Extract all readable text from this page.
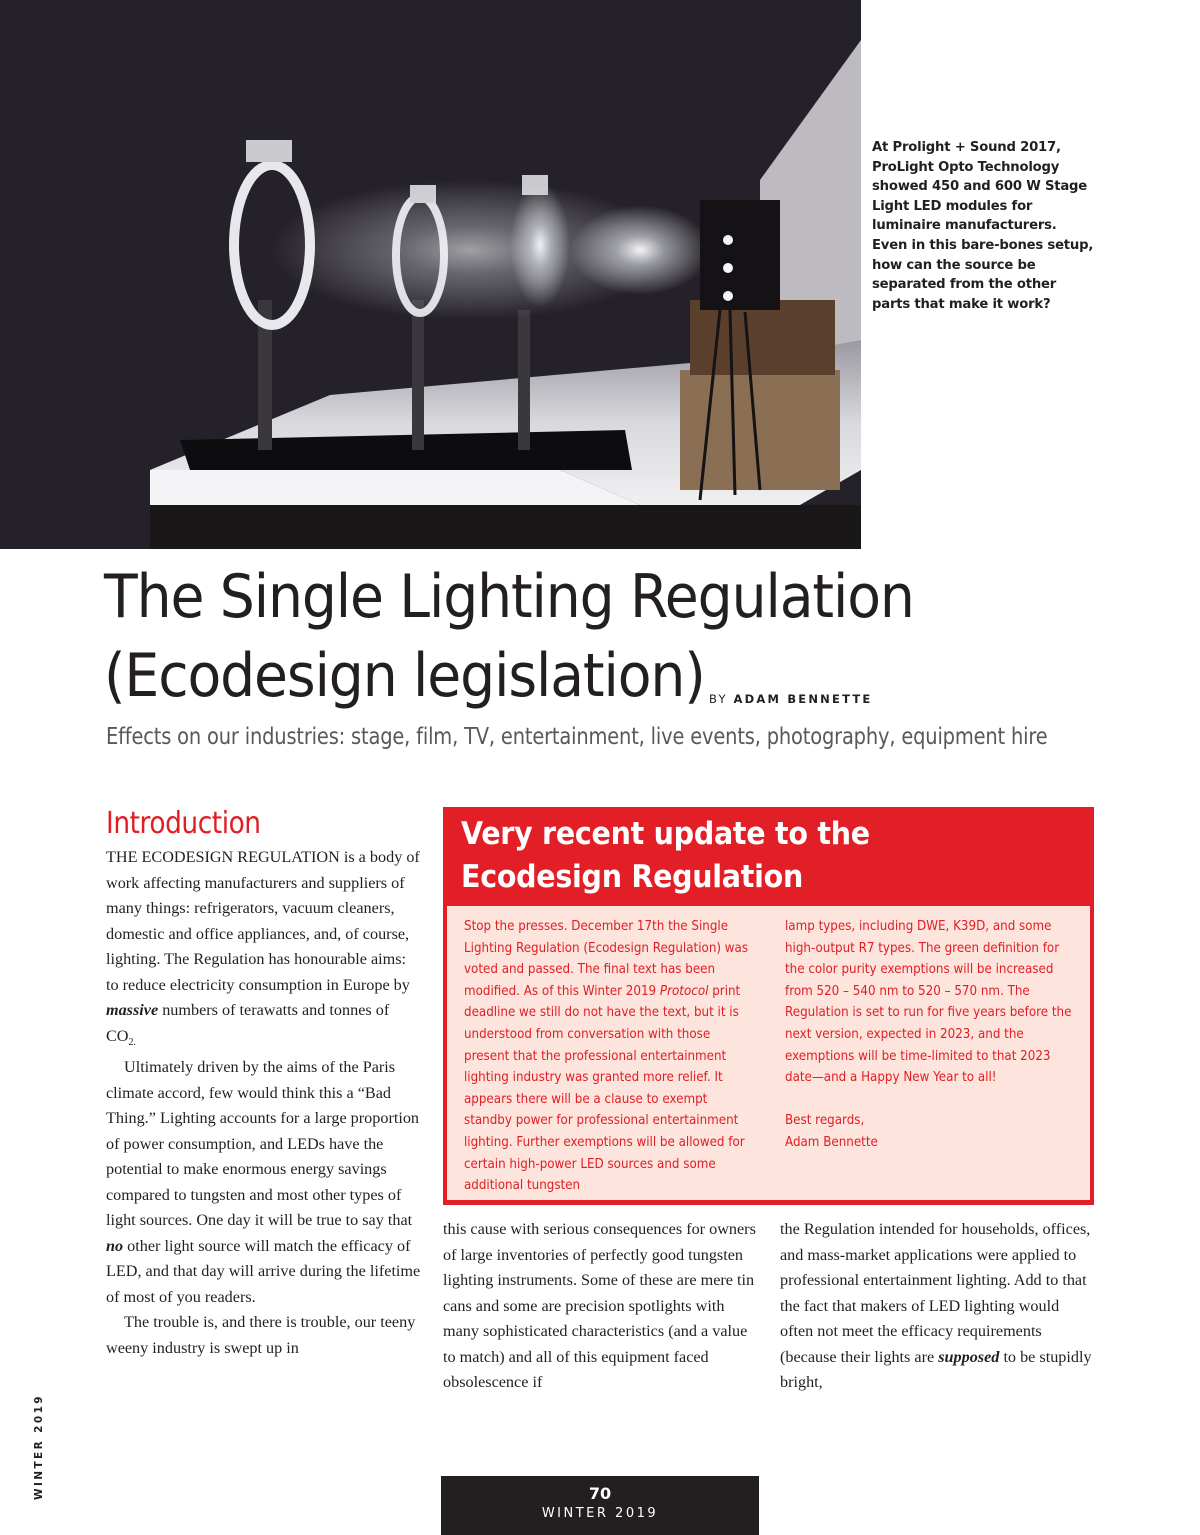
At Prolight + Sound 2017, ProLight Opto Technology showed 450 and 600 W Stage Light LED modules for luminaire manufacturers. Even in this bare-bones setup, how can the source be separated from the other parts that make it work?
The Single Lighting Regulation
(Ecodesign legislation) BY ADAM BENNETTE
Effects on our industries: stage, film, TV, entertainment, live events, photography, equipment hire
Introduction

THE ECODESIGN REGULATION is a body of work affecting manufacturers and suppliers of many things: refrigerators, vacuum cleaners, domestic and office appliances, and, of course, lighting. The Regulation has honourable aims: to reduce electricity consumption in Europe by massive numbers of terawatts and tonnes of $CO_{2.}$

Ultimately driven by the aims of the Paris climate accord, few would think this a “Bad Thing.” Lighting accounts for a large proportion of power consumption, and LEDs have the potential to make enormous energy savings compared to tungsten and most other types of light sources. One day it will be true to say that no other light source will match the efficacy of LED, and that day will arrive during the lifetime of most of you readers.

The trouble is, and there is trouble, our teeny weeny industry is swept up in

Very recent update to the
Ecodesign Regulation

Stop the presses. December 17th the Single Lighting Regulation (Ecodesign Regulation) was voted and passed. The final text has been modified. As of this Winter 2019 Protocol print deadline we still do not have the text, but it is understood from conversation with those present that the professional entertainment lighting industry was granted more relief. It appears there will be a clause to exempt standby power for professional entertainment lighting. Further exemptions will be allowed for certain high-power LED sources and some additional tungsten

lamp types, including DWE, K39D, and some high-output R7 types. The green definition for the color purity exemptions will be increased from 520 – 540 nm to 520 – 570 nm. The Regulation is set to run for five years before the next version, expected in 2023, and the exemptions will be time-limited to that 2023 date—and a Happy New Year to all!

Best regards,

Adam Bennette

this cause with serious consequences for owners of large inventories of perfectly good tungsten lighting instruments. Some of these are mere tin cans and some are precision spotlights with many sophisticated characteristics (and a value to match) and all of this equipment faced obsolescence if

the Regulation intended for households, offices, and mass-market applications were applied to professional entertainment lighting. Add to that the fact that makers of LED lighting would often not meet the efficacy requirements (because their lights are supposed to be stupidly bright,

70
WINTER 2019
WINTER 2019
